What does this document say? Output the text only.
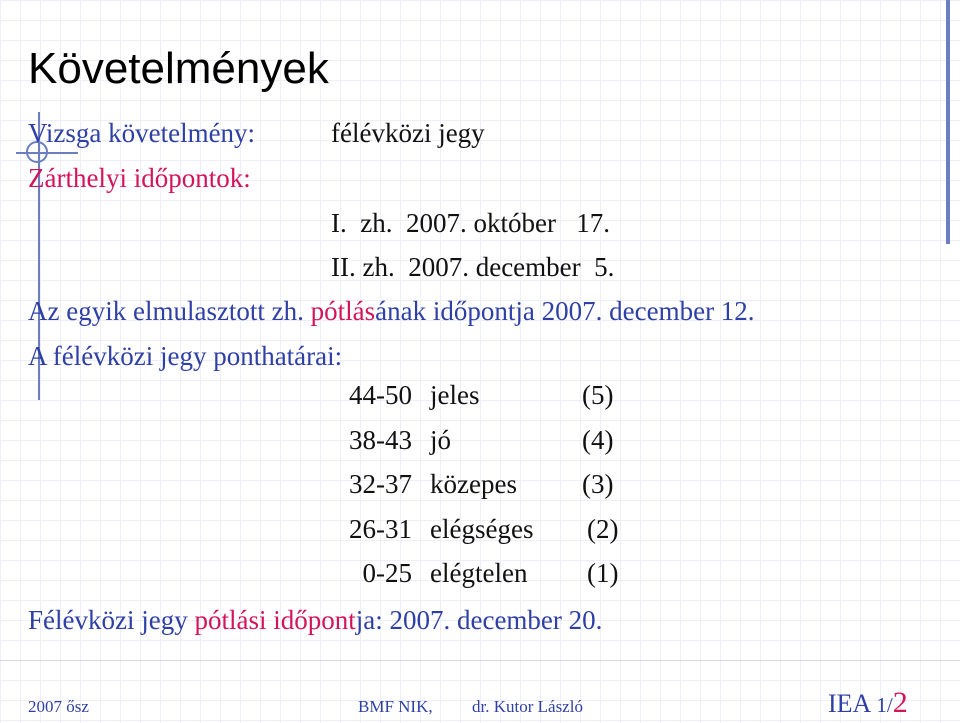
Követelmények
Vizsga követelmény:	félévközi jegy
Zárthelyi időpontok:
I.  zh.  2007. október   17.
II. zh.  2007. december  5.
Az egyik elmulasztott zh. pótlásának időpontja 2007. december 12.
A félévközi jegy ponthatárai:
44-50 jeles	(5)
38-43 jó	(4)
32-37 közepes (3)
26-31 elégséges (2)
0-25 elégtelen (1)
Félévközi jegy pótlási időpontja: 2007. december 20.
2007 ősz	BMF NIK, dr. Kutor László	IEA 1/2
